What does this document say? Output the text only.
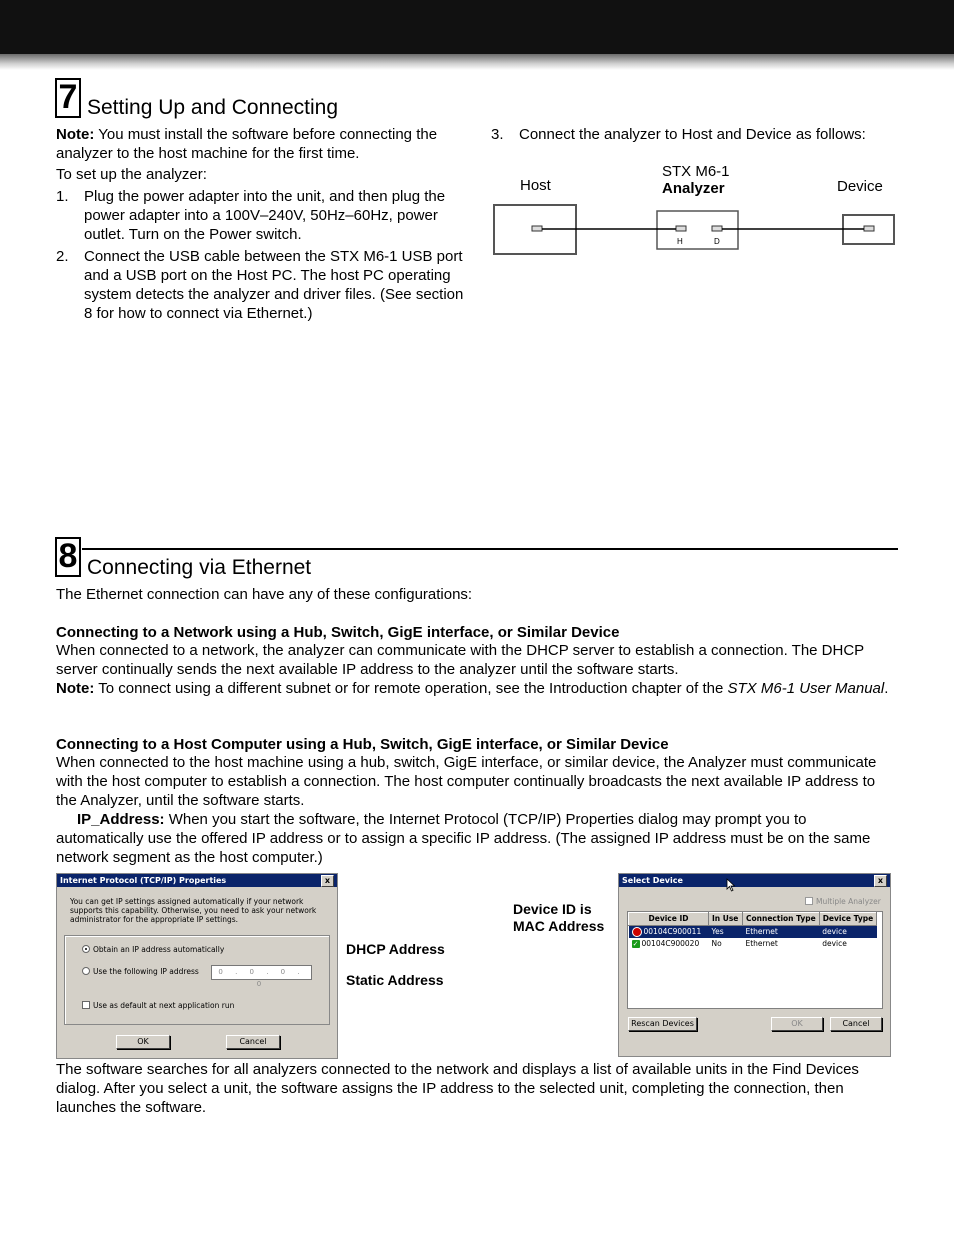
7 Setting Up and Connecting
Note: You must install the software before connecting the analyzer to the host machine for the first time.
To set up the analyzer:
1. Plug the power adapter into the unit, and then plug the power adapter into a 100V–240V, 50Hz–60Hz, power outlet. Turn on the Power switch.
2. Connect the USB cable between the STX M6-1 USB port and a USB port on the Host PC. The host PC operating system detects the analyzer and driver files. (See section 8 for how to connect via Ethernet.)
3. Connect the analyzer to Host and Device as follows:
Host
STX M6-1
Analyzer	Device
H	D
8 Connecting via Ethernet
The Ethernet connection can have any of these configurations:
Connecting to a Network using a Hub, Switch, GigE interface, or Similar Device
When connected to a network, the analyzer can communicate with the DHCP server to establish a connection. The DHCP server continually sends the next available IP address to the analyzer until the software starts.
Note: To connect using a different subnet or for remote operation, see the Introduction chapter of the STX M6-1 User Manual.
Connecting to a Host Computer using a Hub, Switch, GigE interface, or Similar Device
When connected to the host machine using a hub, switch, GigE interface, or similar device, the Analyzer must communicate with the host computer to establish a connection. The host computer continually broadcasts the next available IP address to the Analyzer, until the software starts.
IP_Address: When you start the software, the Internet Protocol (TCP/IP) Properties dialog may prompt you to automatically use the offered IP address or to assign a specific IP address. (The assigned IP address must be on the same network segment as the host computer.)
Internet Protocol (TCP/IP) Properties	x
You can get IP settings assigned automatically if your network supports this capability. Otherwise, you need to ask your network administrator for the appropriate IP settings.
Obtain an IP address automatically
Use the following IP address	0 . 0 . 0 . 0
Use as default at next application run
OK	Cancel
DHCP Address
Static Address
Device ID is
MAC Address
Select Device	x
Multiple Analyzer
Device ID	In Use	Connection Type	Device Type
00104C900011	Yes	Ethernet	device
✓ 00104C900020	No	Ethernet	device
Rescan Devices	OK	Cancel
The software searches for all analyzers connected to the network and displays a list of available units in the Find Devices dialog. After you select a unit, the software assigns the IP address to the selected unit, completing the connection, then launches the software.
